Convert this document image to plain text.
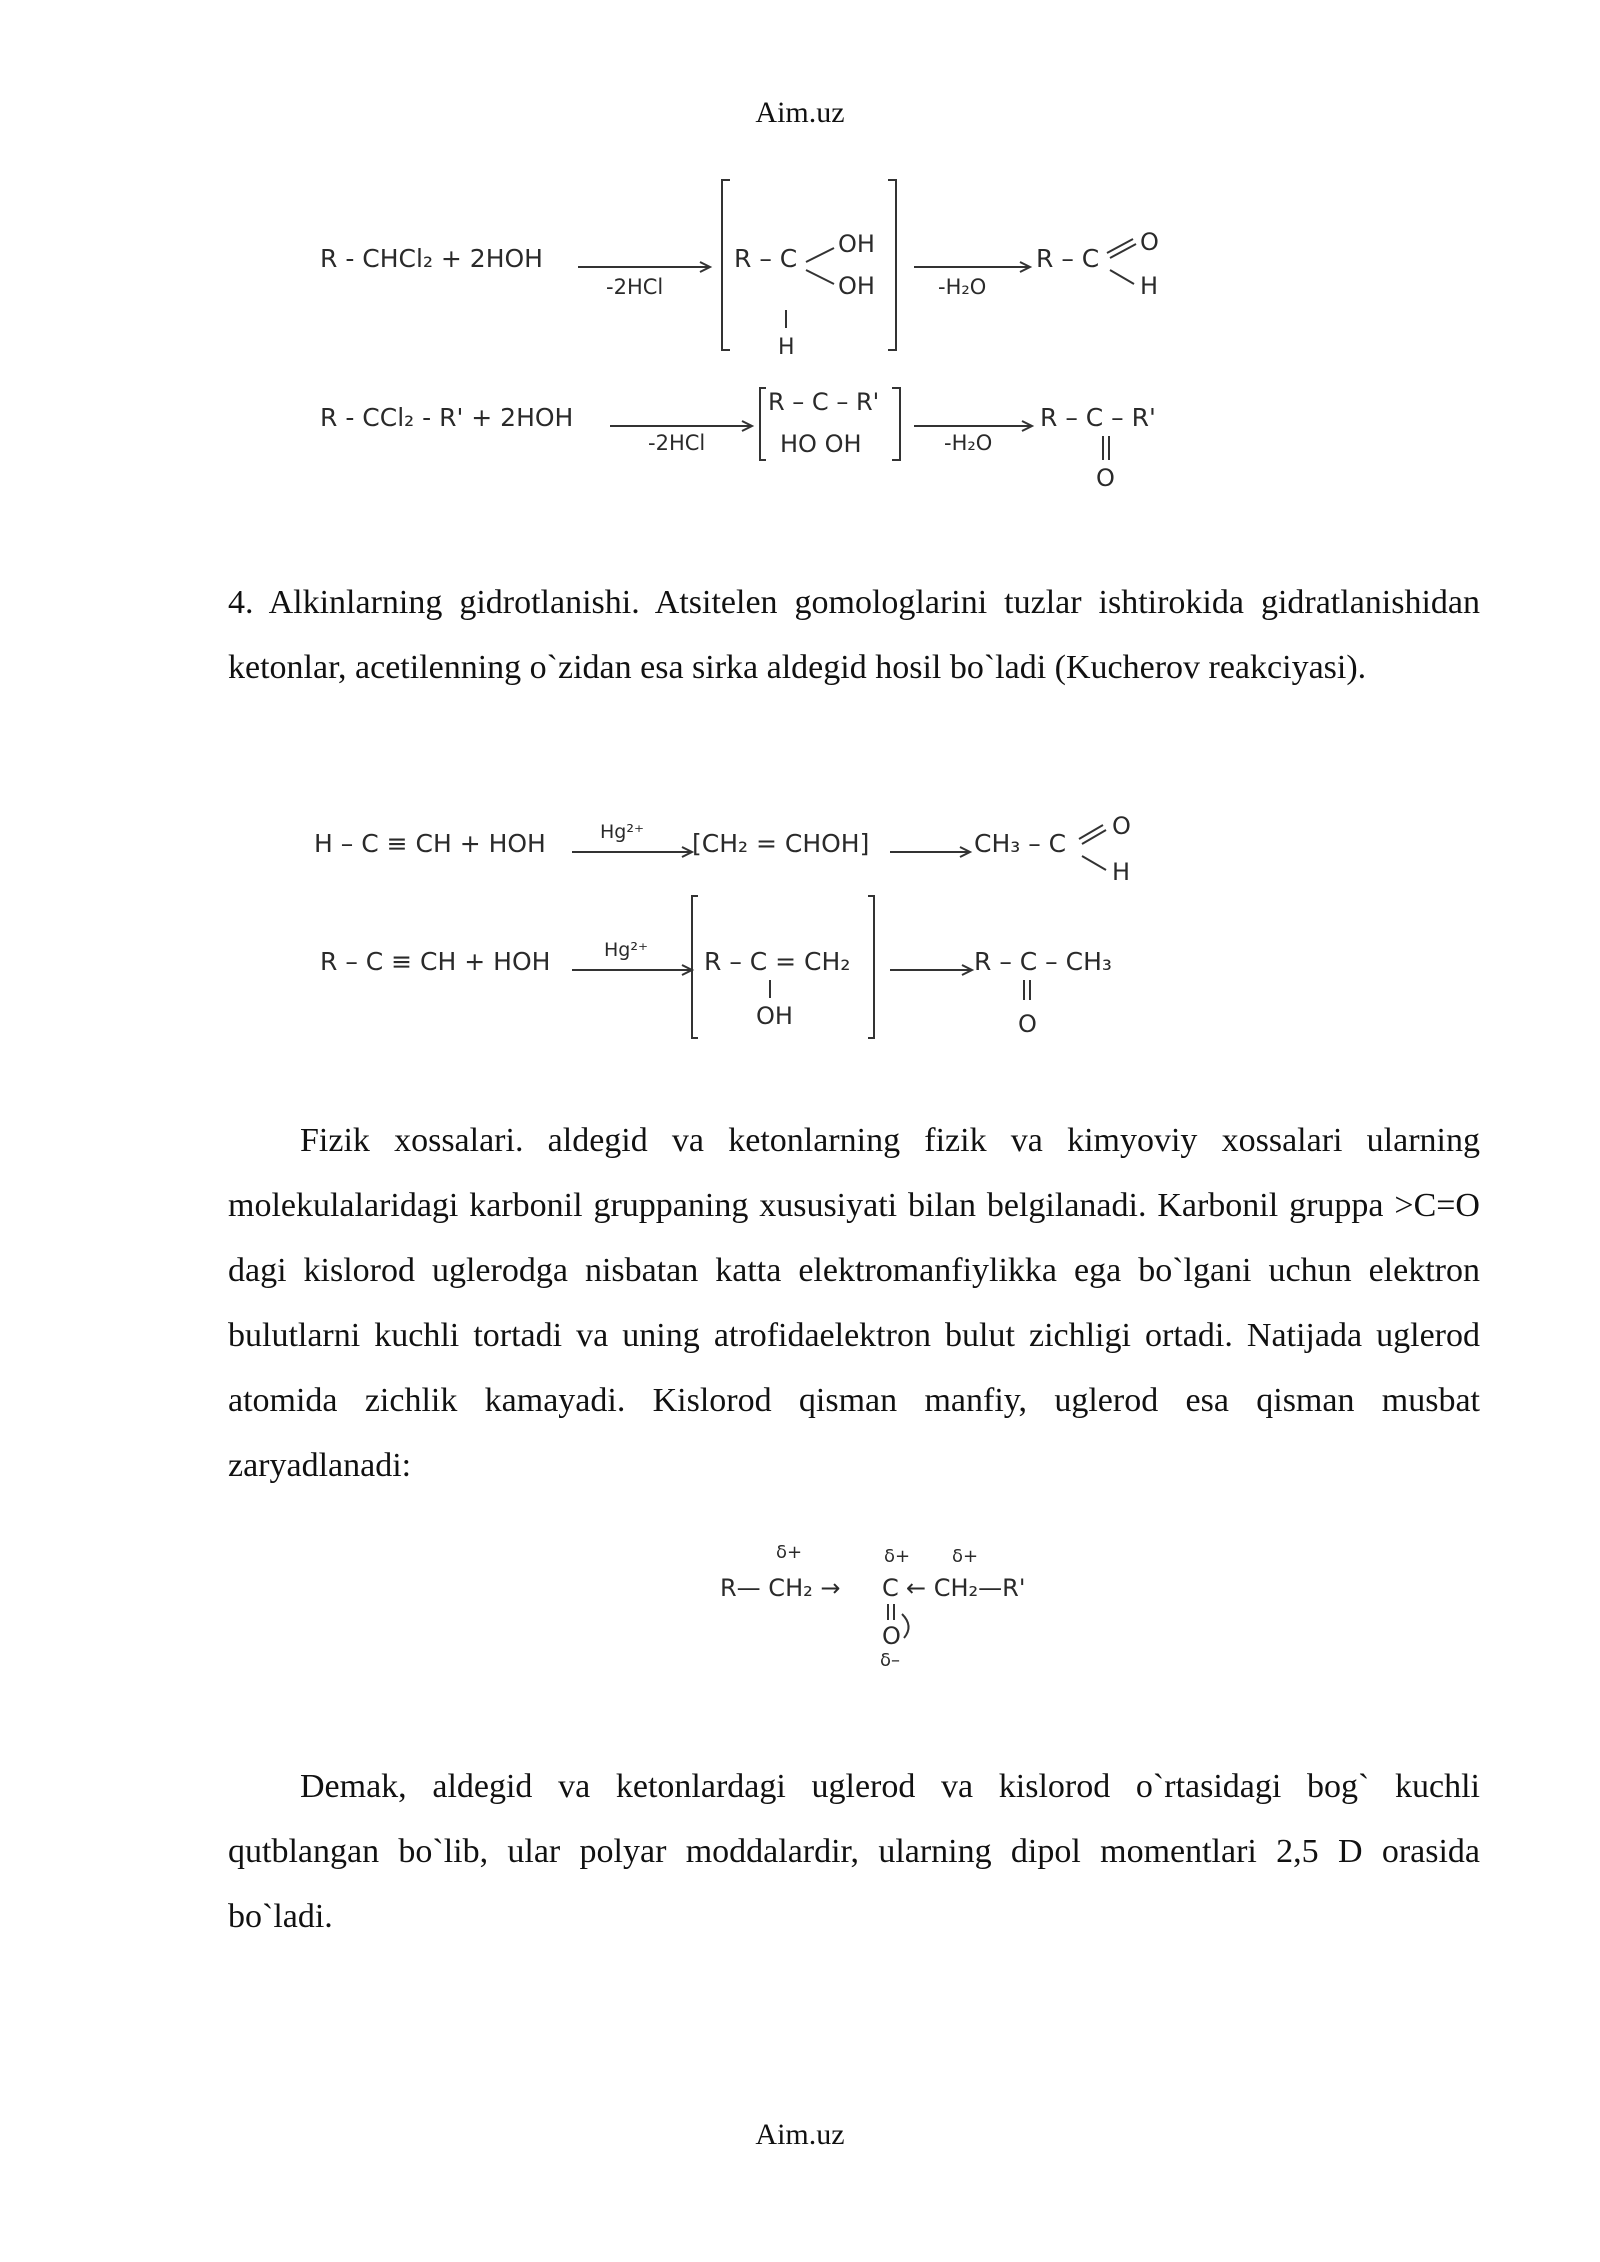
Aim.uz
R - CHCl₂ + 2HOH
-2HCl
R – C OH
OH
H
-H₂O
R – C
O
H
R - CCl₂ - R' + 2HOH
-2HCl
R – C – R'
HO OH	-H₂O
R – C – R'
O

4. Alkinlarning gidrotlanishi. Atsitelen gomologlarini tuzlar ishtirokida gidratlanishidan ketonlar, acetilenning o`zidan esa sirka aldegid hosil bo`ladi (Kucherov reakciyasi).

H – C ≡ CH + HOH	Hg²⁺ [CH₂ = CHOH]	CH₃ – C
O
H
R – C ≡ CH + HOH	Hg²⁺ R – C = CH₂
OH
R – C – CH₃
O

Fizik xossalari. aldegid va ketonlarning fizik va kimyoviy xossalari ularning molekulalaridagi karbonil gruppaning xususiyati bilan belgilanadi. Karbonil gruppa >C=O dagi kislorod uglerodga nisbatan katta elektromanfiylikka ega bo`lgani uchun elektron bulutlarni kuchli tortadi va uning atrofidaelektron bulut zichligi ortadi. Natijada uglerod atomida zichlik kamayadi. Kislorod qisman manfiy, uglerod esa qisman musbat zaryadlanadi:

δ+	δ+ δ+
R— CH₂ → C ← CH₂—R'
O
δ–

Demak, aldegid va ketonlardagi uglerod va kislorod o`rtasidagi bog` kuchli qutblangan bo`lib, ular polyar moddalardir, ularning dipol momentlari 2,5 D orasida bo`ladi.

Aim.uz
